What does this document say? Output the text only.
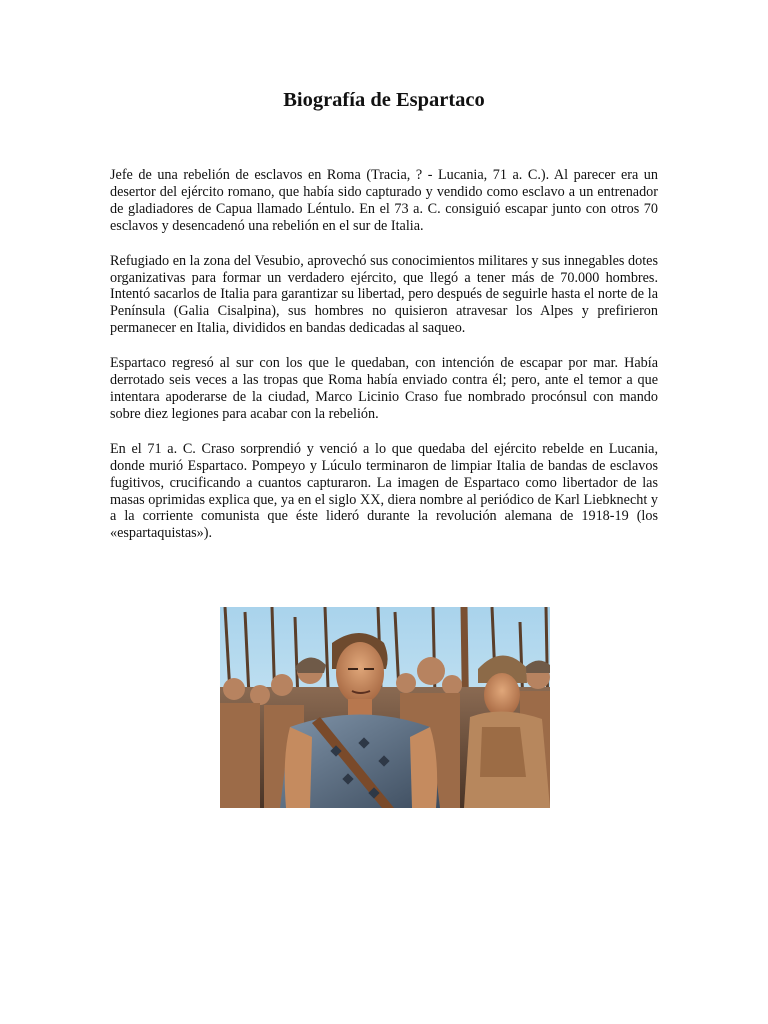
Biografía de Espartaco

Jefe de una rebelión de esclavos en Roma (Tracia, ? - Lucania, 71 a. C.). Al parecer era un desertor del ejército romano, que había sido capturado y vendido como esclavo a un entrenador de gladiadores de Capua llamado Léntulo. En el 73 a. C. consiguió escapar junto con otros 70 esclavos y desencadenó una rebelión en el sur de Italia.

Refugiado en la zona del Vesubio, aprovechó sus conocimientos militares y sus innegables dotes organizativas para formar un verdadero ejército, que llegó a tener más de 70.000 hombres. Intentó sacarlos de Italia para garantizar su libertad, pero después de seguirle hasta el norte de la Península (Galia Cisalpina), sus hombres no quisieron atravesar los Alpes y prefirieron permanecer en Italia, divididos en bandas dedicadas al saqueo.

Espartaco regresó al sur con los que le quedaban, con intención de escapar por mar. Había derrotado seis veces a las tropas que Roma había enviado contra él; pero, ante el temor a que intentara apoderarse de la ciudad, Marco Licinio Craso fue nombrado procónsul con mando sobre diez legiones para acabar con la rebelión.

En el 71 a. C. Craso sorprendió y venció a lo que quedaba del ejército rebelde en Lucania, donde murió Espartaco. Pompeyo y Lúculo terminaron de limpiar Italia de bandas de esclavos fugitivos, crucificando a cuantos capturaron. La imagen de Espartaco como libertador de las masas oprimidas explica que, ya en el siglo XX, diera nombre al periódico de Karl Liebknecht y a la corriente comunista que éste lideró durante la revolución alemana de 1918-19 (los «espartaquistas»).
